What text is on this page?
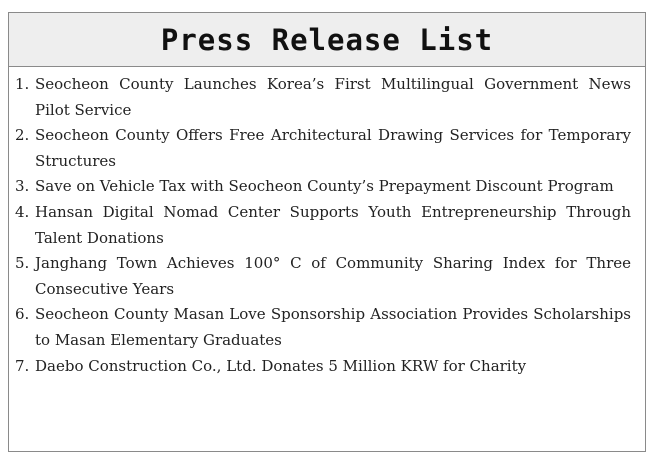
Press Release List
1. Seocheon County Launches Korea’s First Multilingual Government News Pilot Service
2. Seocheon County Offers Free Architectural Drawing Services for Temporary Structures
3. Save on Vehicle Tax with Seocheon County’s Prepayment Discount Program
4. Hansan Digital Nomad Center Supports Youth Entrepreneurship Through Talent Donations
5. Janghang Town Achieves 100° C of Community Sharing Index for Three Consecutive Years
6. Seocheon County Masan Love Sponsorship Association Provides Scholarships to Masan Elementary Graduates
7. Daebo Construction Co., Ltd. Donates 5 Million KRW for Charity
